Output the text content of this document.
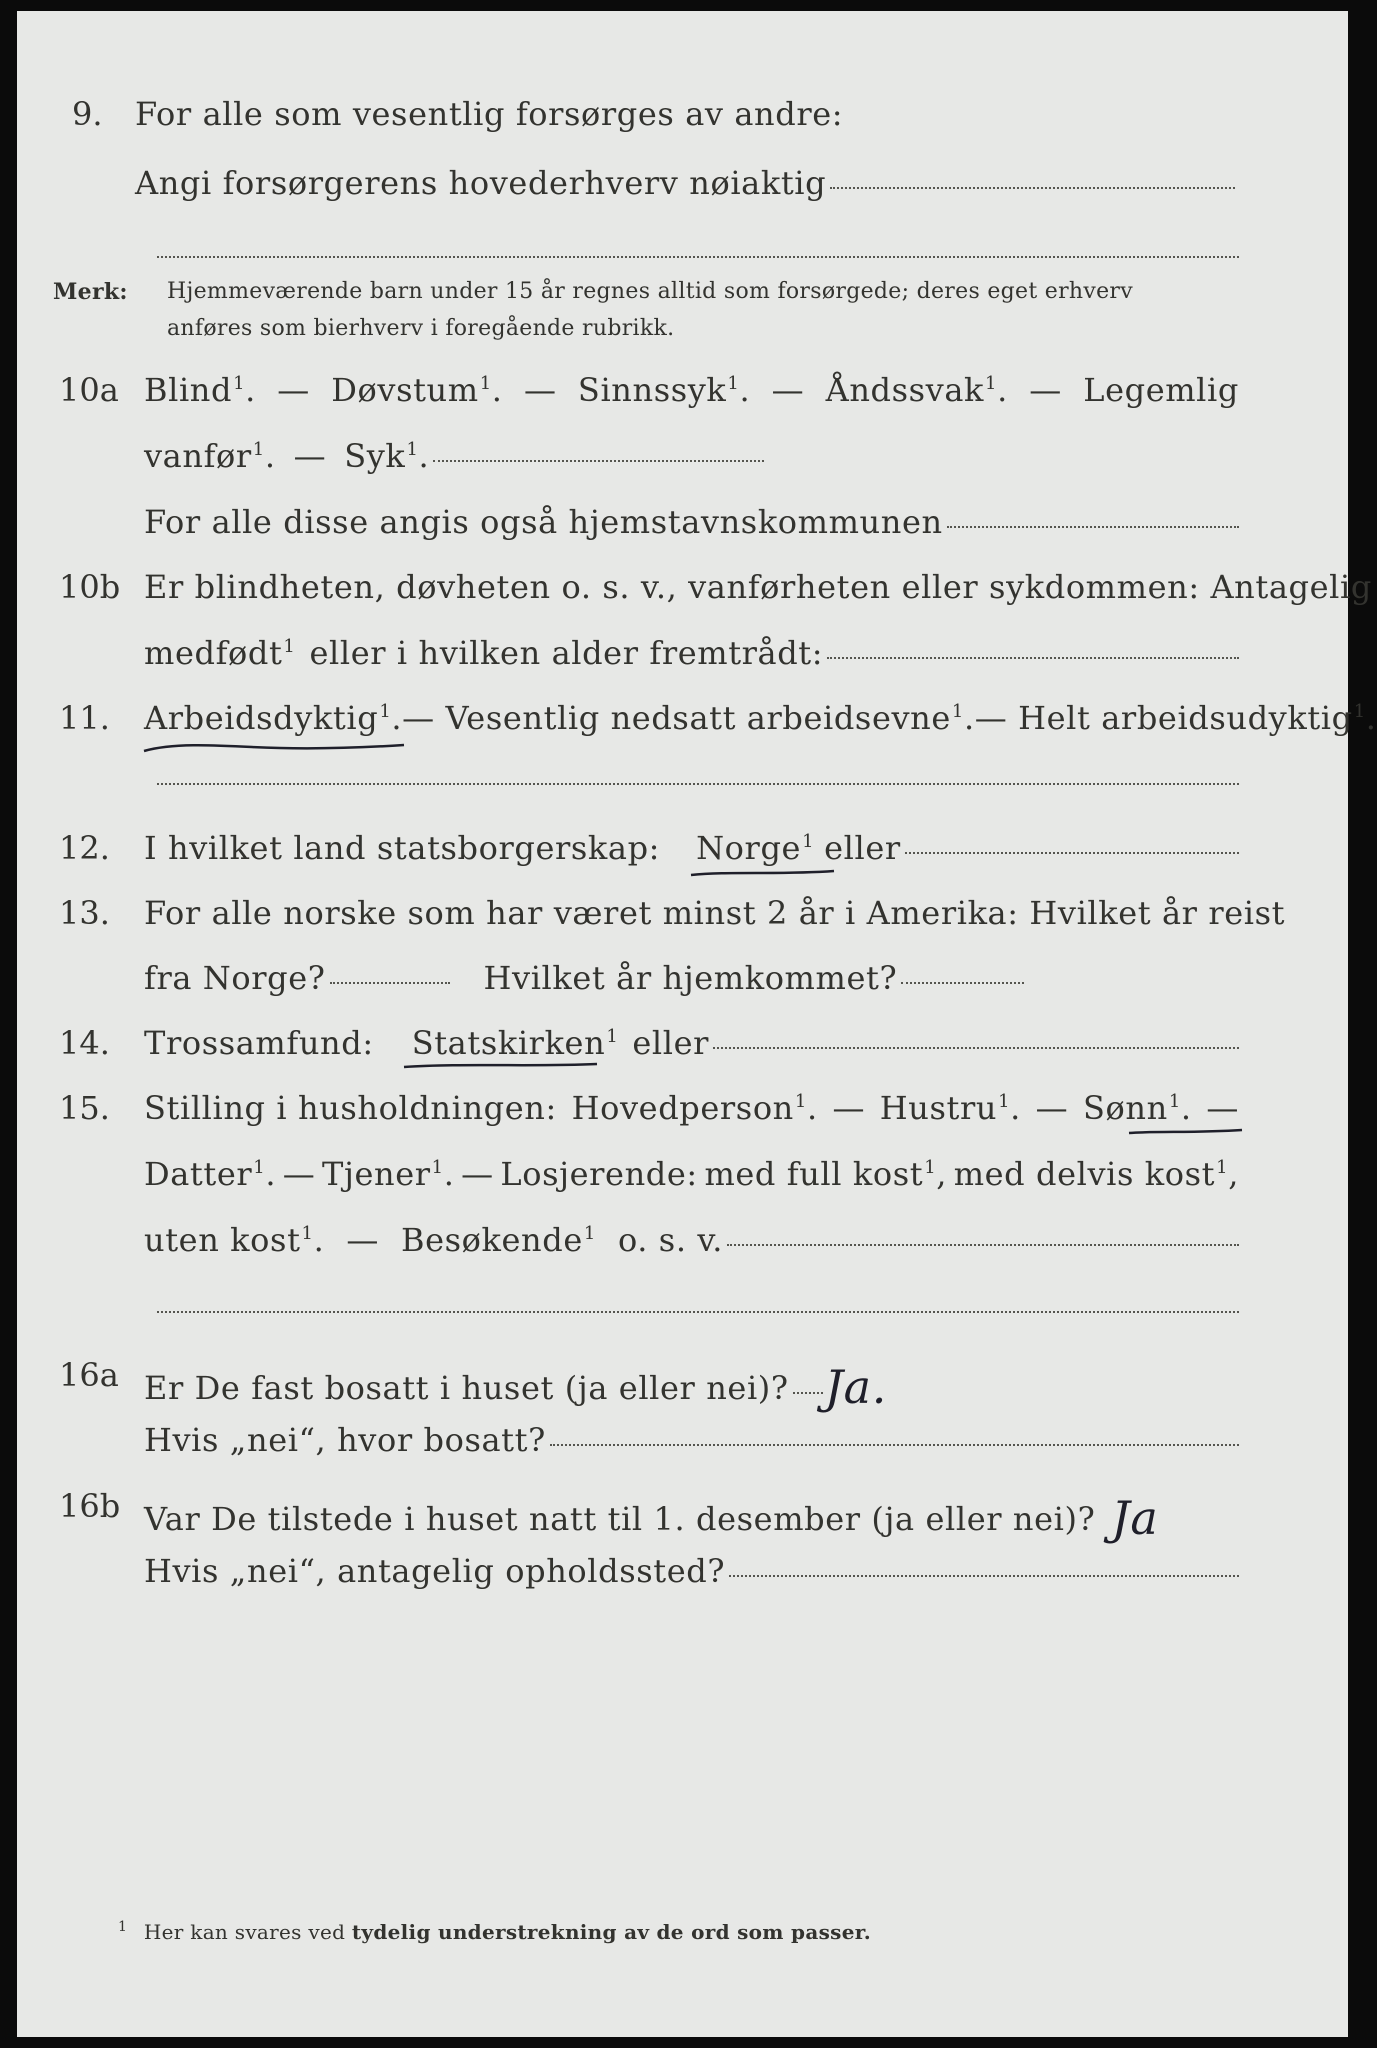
9. For alle som vesentlig forsørges av andre:
Angi forsørgerens hovederhverv nøiaktig
Merk: Hjemmeværende barn under 15 år regnes alltid som forsørgede; deres eget erhverv
anføres som bierhverv i foregående rubrikk.
10a Blind$^1$. — Døvstum$^1$. — Sinnssyk$^1$. — Åndssvak$^1$. — Legemlig
vanfør$^1$. — Syk$^1$.
For alle disse angis også hjemstavnskommunen
10b Er blindheten, døvheten o. s. v., vanførheten eller sykdommen: Antagelig
medfødt$^1$ eller i hvilken alder fremtrådt:
11. Arbeidsdyktig$^1$. — Vesentlig nedsatt arbeidsevne$^1$. — Helt arbeidsudyktig$^1$.
12. I hvilket land statsborgerskap: Norge$^1$ eller
13. For alle norske som har været minst 2 år i Amerika: Hvilket år reist
fra Norge?	Hvilket år hjemkommet?
14. Trossamfund: Statskirken$^1$ eller
15. Stilling i husholdningen: Hovedperson$^1$. — Hustru$^1$. — Sønn$^1$. —
Datter$^1$. — Tjener$^1$. — Losjerende: med full kost$^1$, med delvis kost$^1$,
uten kost$^1$. — Besøkende$^1$ o. s. v.
16a Er De fast bosatt i huset (ja eller nei)? Ja.
Hvis „nei“, hvor bosatt?
16b Var De tilstede i huset natt til 1. desember (ja eller nei)? Ja
Hvis „nei“, antagelig opholdssted?
$^1$ Her kan svares ved tydelig understrekning av de ord som passer.
